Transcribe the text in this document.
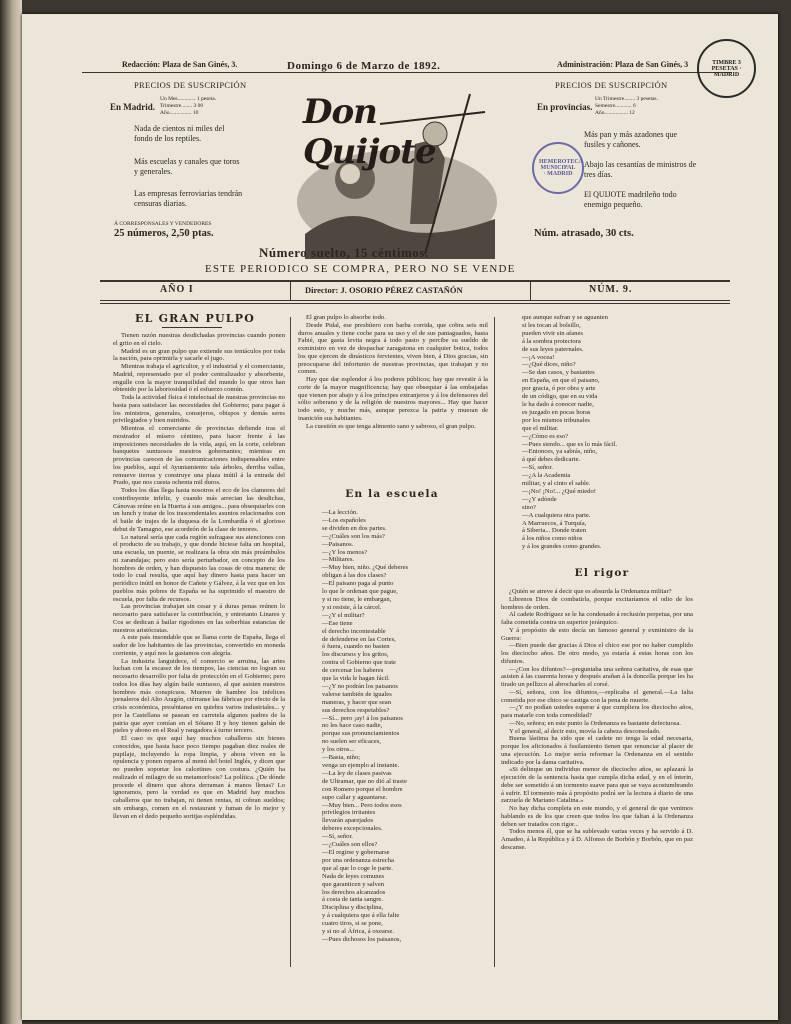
Redacción: Plaza de San Ginés, 3.	Domingo 6 de Marzo de 1892.	Administración: Plaza de San Ginés, 3	TIMBRE 3 PESETAS · MADRID
PRECIOS DE SUSCRIPCIÓN
En Madrid.
Un Mes............. 1 peseta.
Trimestre........ 3 00
Año................ 10
Nada de cientos ni miles del fondo de los reptiles.
Más escuelas y canales que toros y generales.
Las empresas ferroviarias tendrán censuras diarias.
Á CORRESPONSALES Y VENDEDORES
25 números, 2,50 ptas.
Don Quijote	HEMEROTECA MUNICIPAL · MADRID
PRECIOS DE SUSCRIPCIÓN
En provincias.
Un Trimestre........ 3 pesetas.
Semestre............ 6
Año................. 12
Más pan y más azadones que fusiles y cañones.
Abajo las cesantías de ministros de tres días.
El QUIJOTE madrileño todo enemigo pequeño.
Núm. atrasado, 30 cts.
Número suelto, 15 céntimos.
ESTE PERIODICO SE COMPRA, PERO NO SE VENDE
AÑO I	Director: J. OSORIO PÉREZ CASTAÑÓN	NÚM. 9.
EL GRAN PULPO

Tienen razón nuestras desdichadas provincias cuando ponen el grito en el cielo.

Madrid es un gran pulpo que extiende sus tentáculos por toda la nación, para oprimirla y sacarle el jugo.

Mientras trabaja el agricultor, y el industrial y el comerciante, Madrid, representado por el poder centralizador y absorbente, engulle con la mayor tranquilidad del mundo lo que otros han obtenido por la laboriosidad ó el esfuerzo común.

Toda la actividad física é intelectual de nuestras provincias no basta para satisfacer las necesidades del Gobierno; para pagar á los ministros, generales, consejeros, obispos y demás seres privilegiados y bien nutridos.

Mientras el comerciante de provincias defiende tras el mostrador el mísero céntimo, para hacer frente á las imposiciones necesidades de la vida, aquí, en la corte, celebran banquetes suntuosos nuestros gobernantes; mientras en provincias carecen de las comunicaciones indispensables entre los pueblos, aquí el Ayuntamiento tala árboles, derriba vallas, remueve tierras y construye una plaza inútil á la entrada del Prado, que nos cuesta ochenta mil duros.

Todos los días llega hasta nosotros el eco de los clamores del contribuyente infeliz, y cuando más arrecian las desdichas, Cánovas reúne en la Huerta á sus amigos... para obsequiarles con un lunch y tratar de los trascendentales asuntos relacionados con el baile de trajes de la duquesa de la Lombardía ó el glorioso debut de Tamagno, ese acordeón de la clase de tenores.

Lo natural sería que cada región sufragase sus atenciones con el producto de su trabajo, y que donde hiciese falta un hospital, una escuela, un puente, se realizara la obra sin más preámbulos ni zarandajas; pero esto sería perturbador, en concepto de los hombres de orden, y han dispuesto las cosas de otra manera: de todo lo cual resulta, que aquí hay dinero hasta para hacer un periódico inútil en honor de Cañete y Gálvez, á la vez que en los pueblos más pobres de España se ha suprimido el maestro de escuela, por falta de recursos.

Las provincias trabajan sin cesar y á duras penas reúnen lo necesario para satisfacer la contribución, y entretanto Linares y Cos se dedican á bailar rigodones en las soberbias estancias de nuestros aristócratas.

A este país insondable que se llama corte de España, llega el sudor de los habitantes de las provincias, convertido en moneda corriente, y aquí nos la gastamos con alegría.

La industria languidece, el comercio se arruina, las artes luchan con la escasez de los tiempos, las ciencias no logran su necesario desarrollo por falta de protección en el Gobierno; pero todos los días hay algún baile suntuoso, al que asisten nuestros hombres más conspicuos. Mueren de hambre los infelices jornaleros del Alto Aragón, ciérranse las fábricas por efecto de la crisis económica, preséntanse en quiebra varios industriales... y por la Castellana se pasean en carretela algunos padres de la patria que ayer comían en el Sótano II y hoy tienen gabán de pieles y abono en el Real y rangadora á turno tercero.

El caso es que aquí hay muchos caballeros sin bienes conocidos, que hasta hace poco tiempo pagaban diez reales de pupilaje, incluyendo la ropa limpia, y ahora viven en la opulencia y ponen reparos al menú del hotel Inglés, y dicen que no pueden soportar los calcetines con costura. ¿Quién ha realizado el milagro de su metamorfosis? La política. ¿De dónde procede el dinero que ahora derraman á manos llenas? Lo ignoramos, pero la verdad es que en Madrid hay muchos caballeros que no trabajan, ni tienen rentas, ni cobran sueldos; sin embargo, comen en el restaurant y fuman de lo mejor y llevan en el dedo pequeño sortijas espléndidas.

El gran pulpo lo absorbe todo.

Desde Pidal, ese presbítero con barba corrida, que cobra seis mil duros anuales y tiene coche para su uso y el de sus paniaguados, hasta Fabié, que gasta levita negra á todo pasto y percibe su sueldo de exministro en vez de despachar zaragatona en cualquier botica, todos los que ejercen de dinásticos fervientes, viven bien, á Dios gracias, sin preocuparse del infortunio de nuestras provincias, que trabajan y no comen.

Hay que dar esplendor á los poderes públicos; hay que revestir á la corte de la mayor magnificencia; hay que obsequiar á las embajadas que vienen por abajo y á los príncipes extranjeros y á los defensores del sólio soberano y de la religión de nuestros mayores... Hay que hacer todo esto, y mucho más, aunque perezca la patria y mueran de inanición sus habitantes.

La cuestión es que tenga alimento sano y sabroso, el gran pulpo.

En la escuela
—La lección.
—Los españoles
se dividen en dos partes.
—¿Cuáles son los más?
—Paisanos.
—¿Y los menos?
—Militares.
—Muy bien, niño. ¿Qué deberes
obligan á las dos clases?
—El paisano paga al punto
lo que le ordenan que pague,
y si no tiene, le embargan,
y si resiste, á la cárcel.
—¿Y el militar?
—Ese tiene
el derecho incontestable
de defenderse en las Cortes,
ó fuera, cuando no basten
los discursos y los gritos,
contra el Gobierno que trate
de cercenar los haberes
que la vida le hagan fácil.
—¿Y no podrán los paisanos
valerse también de iguales
maneras, y hacer que sean
sus derechos respetables?
—Sí... pero ¡ay! á los paisanos
no les hace caso nadie,
porque sus pronunciamientos
no suelen ser eficaces,
y los otros...
—Basta, niño;
venga un ejemplo al instante.
—La ley de clases pasivas
de Ultramar, que no dió al traste
con Romero porque el hombre
supo callar y aguantarse.
—Muy bien... Pero todos esos
privilegios irritantes
llevarán aparejados
deberes excepcionales.
—Sí, señor.
—¿Cuáles son ellos?
—El regirse y gobernarse
por una ordenanza estrecha
que al que lo coge le parte.
Nada de leyes comunes
que garanticen y salven
los derechos alcanzados
á costa de tanta sangre.
Disciplina y disciplina,
y á cualquiera que á ella falte
cuatro tiros, si se pone,
y si no al África, á oxearse.
—Pues dichosos los paisanos,
que aunque sufran y se aguanten
si les tocan al bolsillo,
pueden vivir sin afanes
á la sombra protectora
de sus leyes paternales.
—¡A vocea!
—¿Qué dices, niño?
—Se dan casos, y bastantes
en España, en que el paisano,
por gracia, ó por obra y arte
de un código, que en su vida
le ha dado á conocer nadie,
es juzgado en pocas horas
por los mismos tribunales
que el militar.
—¿Cómo es eso?
—Pues siendo... que es lo más fácil.
—Entonces, ya sabrás, niño,
á qué debes dedicarte.
—Sí, señor.
—¿A la Academia
militar, y al cinto el sable.
—¡No! ¡No!... ¿Qué miedo!
—¿Y adónde
sino?
—A cualquiera otra parte.
A Marruecos, á Turquía,
á Siberia... Donde traten
á los niños como niños
y á los grandes como grandes.
El rigor

¿Quién se atreve á decir que es absurda la Ordenanza militar?

Líbrenos Dios de combatirla, porque excitaríamos el odio de los hombres de orden.

Al cadete Rodríguez se le ha condenado á reclusión perpetua, por una falta cometida contra un superior jerárquico.

Y á propósito de esto decía un famoso general y exministro de la Guerra:

—Bien puede dar gracias á Dios el chico ese por no haber cumplido los dieciocho años. De otro modo, ya estaría á estas horas con los difuntos.

—¿Con los difuntos?—preguntaba una señora caritativa, de esas que asisten á las cuarenta horas y después arañan á la doncella porque les ha tirado un pellizco al abrocharles el corsé.

—Sí, señora, con los difuntos,—replicaba el general.—La falta cometida por ese chico se castiga con la pena de muerte.

—¿Y no podían ustedes esperar á que cumpliera los dieciocho años, para matarle con toda comodidad?

—No, señora; en este punto la Ordenanza es bastante defectuosa.

Y el general, al decir esto, movía la cabeza desconsolado.

Buena lástima ha sido que el cadete no tenga la edad necesaria, porque los aficionados á fusilamiento tienen que renunciar al placer de una ejecución. Lo mejor sería reformar la Ordenanza en el sentido indicado por la dama caritativa.

«Si delinque un individuo menor de dieciocho años, se aplazará la ejecución de la sentencia hasta que cumpla dicha edad, y en el ínterin, debe ser sometido á un tormento suave para que se vaya acostumbrando á sufrir. El tormento más á propósito podrá ser la lectura á diario de una zarzuela de Mariano Catalina.»

No hay dicha completa en este mundo, y el general de que venimos hablando es de los que creen que todos los que faltan á la Ordenanza deben ser tratados con rigor...

Todos menos él, que se ha sublevado varias veces y ha servido á D. Amadeo, á la República y á D. Alfonso de Borbón y Borbón, que en paz descanse.
